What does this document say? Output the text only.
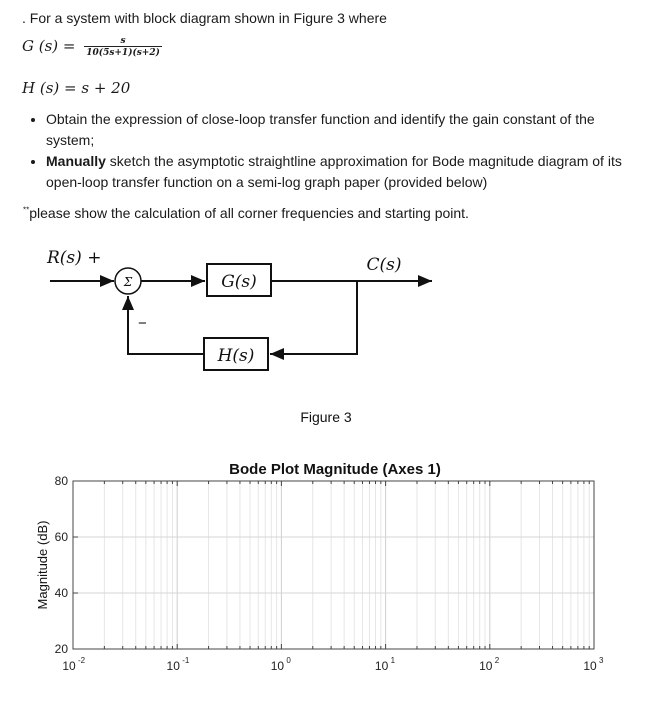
. For a system with block diagram shown in Figure 3 where
G $(s) = \frac{s}{10(5s+1)(s+2)}$
H (s) = s + 20
• Obtain the expression of close-loop transfer function and identify the gain constant of the system;
• Manually sketch the asymptotic straightline approximation for Bode magnitude diagram of its open-loop transfer function on a semi-log graph paper (provided below)
**please show the calculation of all corner frequencies and starting point.
R(s) +
Σ	G(s)
C(s)
H(s)
−
Figure 3
Bode Plot Magnitude (Axes 1)
Magnitude (dB)
20
40
60
80
10 -2	10 -1	10 0	10 1	10 2	10 3
